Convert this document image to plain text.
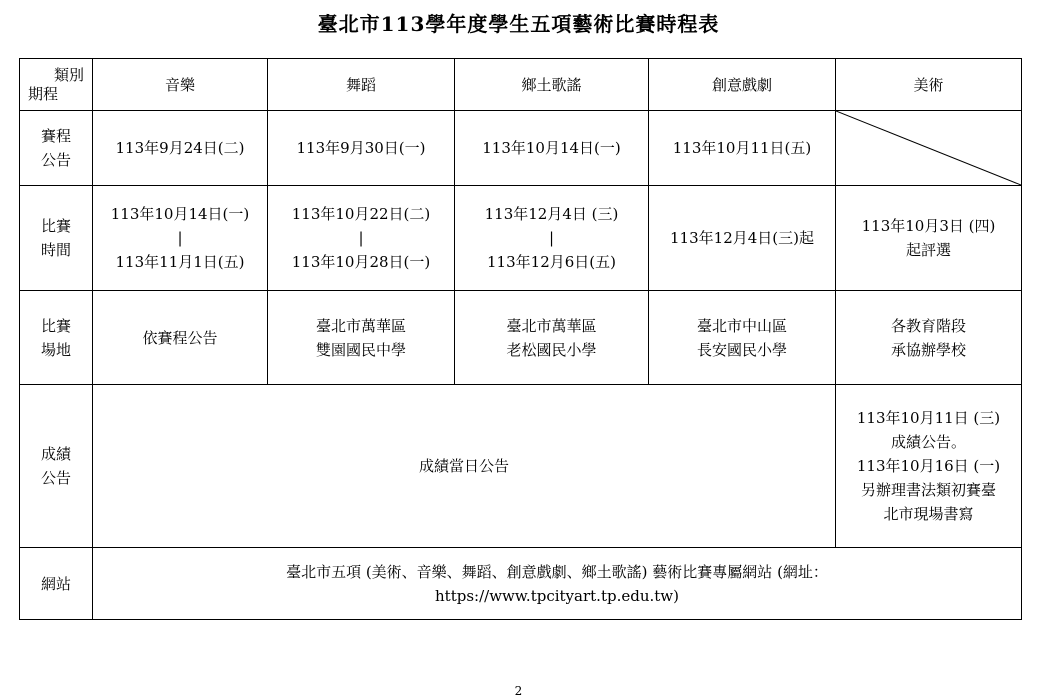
臺北市113學年度學生五項藝術比賽時程表
類別
期程	音樂	舞蹈	鄉土歌謠	創意戲劇	美術

賽程
公告	113年9月24日(二)	113年9月30日(一)	113年10月14日(一)	113年10月11日(五)	

比賽
時間	113年10月14日(一)
|
113年11月1日(五)	113年10月22日(二)
|
113年10月28日(一)	113年12月4日 (三)
|
113年12月6日(五)	113年12月4日(三)起	113年10月3日 (四)
起評選

比賽
場地	依賽程公告	臺北市萬華區
雙園國民中學	臺北市萬華區
老松國民小學	臺北市中山區
長安國民小學	各教育階段
承協辦學校

成績
公告	成績當日公告				113年10月11日 (三)
成績公告。
113年10月16日 (一)
另辦理書法類初賽臺
北市現場書寫

網站	臺北市五項 (美術、音樂、舞蹈、創意戲劇、鄉土歌謠) 藝術比賽專屬網站 (網址：
https://www.tpcityart.tp.edu.tw)				
2
